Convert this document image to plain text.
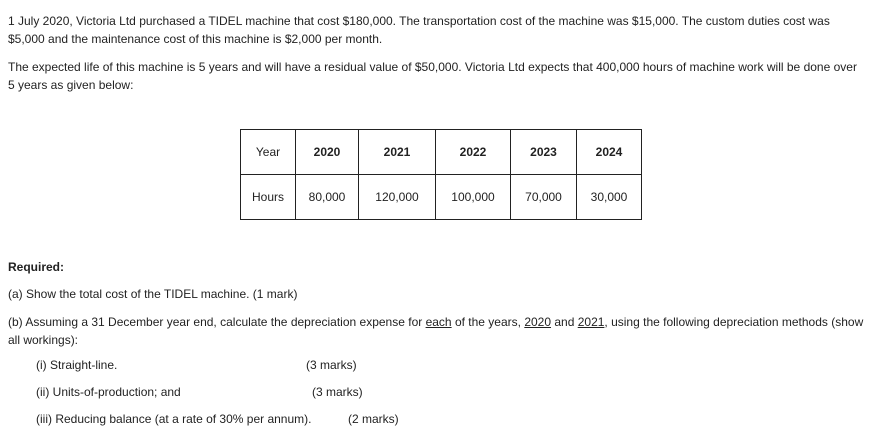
1 July 2020, Victoria Ltd purchased a TIDEL machine that cost $180,000. The transportation cost of the machine was $15,000. The custom duties cost was $5,000 and the maintenance cost of this machine is $2,000 per month.

The expected life of this machine is 5 years and will have a residual value of $50,000. Victoria Ltd expects that 400,000 hours of machine work will be done over 5 years as given below:

Year	2020	2021	2022	2023	2024
Hours	80,000	120,000	100,000	70,000	30,000

Required:

(a) Show the total cost of the TIDEL machine. (1 mark)

(b) Assuming a 31 December year end, calculate the depreciation expense for each of the years, 2020 and 2021, using the following depreciation methods (show all workings):

(i) Straight-line.	(3 marks)

(ii) Units-of-production; and	(3 marks)

(iii) Reducing balance (at a rate of 30% per annum).	(2 marks)
